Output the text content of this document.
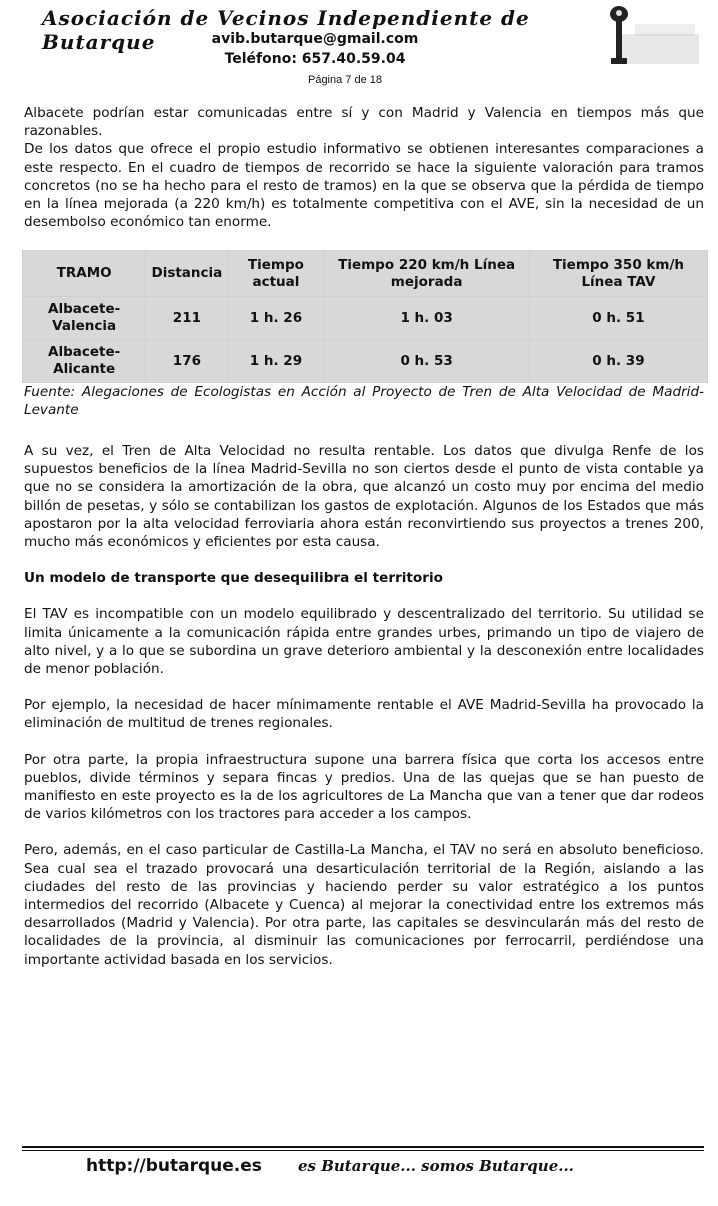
Asociación de Vecinos Independiente de Butarque	avib.butarque@gmail.com
Teléfono: 657.40.59.04
Página 7 de 18

Albacete podrían estar comunicadas entre sí y con Madrid y Valencia en tiempos más que razonables.

De los datos que ofrece el propio estudio informativo se obtienen interesantes comparaciones a este respecto. En el cuadro de tiempos de recorrido se hace la siguiente valoración para tramos concretos (no se ha hecho para el resto de tramos) en la que se observa que la pérdida de tiempo en la línea mejorada (a 220 km/h) es totalmente competitiva con el AVE, sin la necesidad de un desembolso económico tan enorme.

TRAMO	Distancia	Tiempo actual	Tiempo 220 km/h Línea mejorada	Tiempo 350 km/h Línea TAV
Albacete-Valencia	211	1 h. 26	1 h. 03	0 h. 51
Albacete-Alicante	176	1 h. 29	0 h. 53	0 h. 39
Fuente: Alegaciones de Ecologistas en Acción al Proyecto de Tren de Alta Velocidad de Madrid-Levante

A su vez, el Tren de Alta Velocidad no resulta rentable. Los datos que divulga Renfe de los supuestos beneficios de la línea Madrid-Sevilla no son ciertos desde el punto de vista contable ya que no se considera la amortización de la obra, que alcanzó un costo muy por encima del medio billón de pesetas, y sólo se contabilizan los gastos de explotación. Algunos de los Estados que más apostaron por la alta velocidad ferroviaria ahora están reconvirtiendo sus proyectos a trenes 200, mucho más económicos y eficientes por esta causa.

Un modelo de transporte que desequilibra el territorio

El TAV es incompatible con un modelo equilibrado y descentralizado del territorio. Su utilidad se limita únicamente a la comunicación rápida entre grandes urbes, primando un tipo de viajero de alto nivel, y a lo que se subordina un grave deterioro ambiental y la desconexión entre localidades de menor población.

Por ejemplo, la necesidad de hacer mínimamente rentable el AVE Madrid-Sevilla ha provocado la eliminación de multitud de trenes regionales.

Por otra parte, la propia infraestructura supone una barrera física que corta los accesos entre pueblos, divide términos y separa fincas y predios. Una de las quejas que se han puesto de manifiesto en este proyecto es la de los agricultores de La Mancha que van a tener que dar rodeos de varios kilómetros con los tractores para acceder a los campos.

Pero, además, en el caso particular de Castilla-La Mancha, el TAV no será en absoluto beneficioso. Sea cual sea el trazado provocará una desarticulación territorial de la Región, aislando a las ciudades del resto de las provincias y haciendo perder su valor estratégico a los puntos intermedios del recorrido (Albacete y Cuenca) al mejorar la conectividad entre los extremos más desarrollados (Madrid y Valencia). Por otra parte, las capitales se desvincularán más del resto de localidades de la provincia, al disminuir las comunicaciones por ferrocarril, perdiéndose una importante actividad basada en los servicios.

http://butarque.es es Butarque... somos Butarque...
